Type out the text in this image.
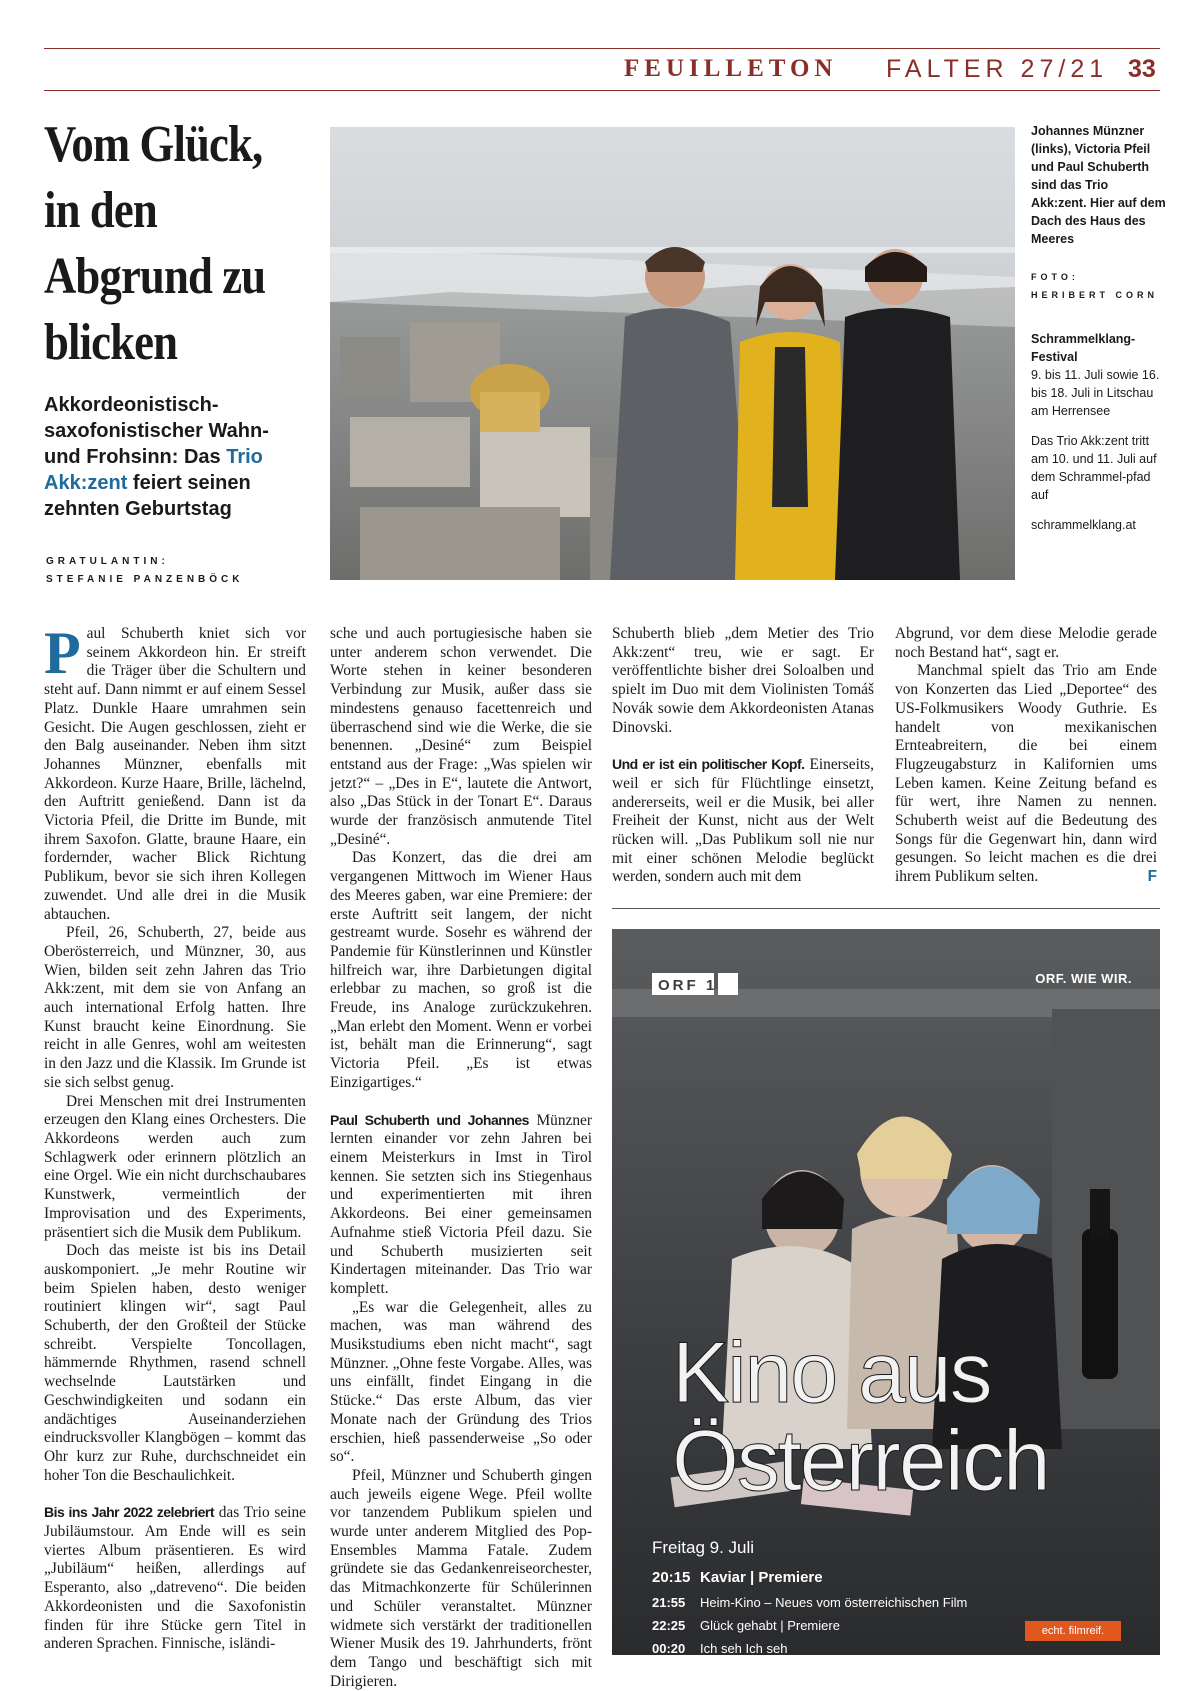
FEUILLETON FALTER 27/21 33
Vom Glück, in den Abgrund zu blicken
Akkordeonistisch-saxofonistischer Wahn- und Frohsinn: Das Trio Akk:zent feiert seinen zehnten Geburtstag
GRATULANTIN:
STEFANIE PANZENBÖCK
Johannes Münzner (links), Victoria Pfeil und Paul Schuberth sind das Trio Akk:zent. Hier auf dem Dach des Haus des Meeres
FOTO:
HERIBERT CORN
Schrammelklang-Festival
9. bis 11. Juli sowie 16. bis 18. Juli in Litschau am Herrensee
Das Trio Akk:zent tritt am 10. und 11. Juli auf dem Schrammel-pfad auf
schrammelklang.at

Paul Schuberth kniet sich vor seinem Akkordeon hin. Er streift die Träger über die Schultern und steht auf. Dann nimmt er auf einem Sessel Platz. Dunkle Haare umrahmen sein Gesicht. Die Augen geschlossen, zieht er den Balg auseinander. Neben ihm sitzt Johannes Münzner, ebenfalls mit Akkordeon. Kurze Haare, Brille, lächelnd, den Auftritt genießend. Dann ist da Victoria Pfeil, die Dritte im Bunde, mit ihrem Saxofon. Glatte, braune Haare, ein fordernder, wacher Blick Richtung Publikum, bevor sie sich ihren Kollegen zuwendet. Und alle drei in die Musik abtauchen.

Pfeil, 26, Schuberth, 27, beide aus Oberösterreich, und Münzner, 30, aus Wien, bilden seit zehn Jahren das Trio Akk:zent, mit dem sie von Anfang an auch international Erfolg hatten. Ihre Kunst braucht keine Einordnung. Sie reicht in alle Genres, wohl am weitesten in den Jazz und die Klassik. Im Grunde ist sie sich selbst genug.

Drei Menschen mit drei Instrumenten erzeugen den Klang eines Orchesters. Die Akkordeons werden auch zum Schlagwerk oder erinnern plötzlich an eine Orgel. Wie ein nicht durchschaubares Kunstwerk, vermeintlich der Improvisation und des Experiments, präsentiert sich die Musik dem Publikum.

Doch das meiste ist bis ins Detail auskomponiert. „Je mehr Routine wir beim Spielen haben, desto weniger routiniert klingen wir“, sagt Paul Schuberth, der den Großteil der Stücke schreibt. Verspielte Toncollagen, hämmernde Rhythmen, rasend schnell wechselnde Lautstärken und Geschwindigkeiten und sodann ein andächtiges Auseinanderziehen eindrucksvoller Klangbögen – kommt das Ohr kurz zur Ruhe, durchschneidet ein hoher Ton die Beschaulichkeit.

Bis ins Jahr 2022 zelebriert das Trio seine Jubiläumstour. Am Ende will es sein viertes Album präsentieren. Es wird „Jubiläum“ heißen, allerdings auf Esperanto, also „datreveno“. Die beiden Akkordeonisten und die Saxofonistin finden für ihre Stücke gern Titel in anderen Sprachen. Finnische, isländi-

sche und auch portugiesische haben sie unter anderem schon verwendet. Die Worte stehen in keiner besonderen Verbindung zur Musik, außer dass sie mindestens genauso facettenreich und überraschend sind wie die Werke, die sie benennen. „Desiné“ zum Beispiel entstand aus der Frage: „Was spielen wir jetzt?“ – „Des in E“, lautete die Antwort, also „Das Stück in der Tonart E“. Daraus wurde der französisch anmutende Titel „Desiné“.

Das Konzert, das die drei am vergangenen Mittwoch im Wiener Haus des Meeres gaben, war eine Premiere: der erste Auftritt seit langem, der nicht gestreamt wurde. Sosehr es während der Pandemie für Künstlerinnen und Künstler hilfreich war, ihre Darbietungen digital erlebbar zu machen, so groß ist die Freude, ins Analoge zurückzukehren. „Man erlebt den Moment. Wenn er vorbei ist, behält man die Erinnerung“, sagt Victoria Pfeil. „Es ist etwas Einzigartiges.“

Paul Schuberth und Johannes Münzner lernten einander vor zehn Jahren bei einem Meisterkurs in Imst in Tirol kennen. Sie setzten sich ins Stiegenhaus und experimentierten mit ihren Akkordeons. Bei einer gemeinsamen Aufnahme stieß Victoria Pfeil dazu. Sie und Schuberth musizierten seit Kindertagen miteinander. Das Trio war komplett.

„Es war die Gelegenheit, alles zu machen, was man während des Musikstudiums eben nicht macht“, sagt Münzner. „Ohne feste Vorgabe. Alles, was uns einfällt, findet Eingang in die Stücke.“ Das erste Album, das vier Monate nach der Gründung des Trios erschien, hieß passenderweise „So oder so“.

Pfeil, Münzner und Schuberth gingen auch jeweils eigene Wege. Pfeil wollte vor tanzendem Publikum spielen und wurde unter anderem Mitglied des Pop-Ensembles Mamma Fatale. Zudem gründete sie das Gedankenreiseorchester, das Mitmachkonzerte für Schülerinnen und Schüler veranstaltet. Münzner widmete sich verstärkt der traditionellen Wiener Musik des 19. Jahrhunderts, frönt dem Tango und beschäftigt sich mit Dirigieren.

Schuberth blieb „dem Metier des Trio Akk:zent“ treu, wie er sagt. Er veröffentlichte bisher drei Soloalben und spielt im Duo mit dem Violinisten Tomáš Novák sowie dem Akkordeonisten Atanas Dinovski.

Und er ist ein politischer Kopf. Einerseits, weil er sich für Flüchtlinge einsetzt, andererseits, weil er die Musik, bei aller Freiheit der Kunst, nicht aus der Welt rücken will. „Das Publikum soll nie nur mit einer schönen Melodie beglückt werden, sondern auch mit dem

Abgrund, vor dem diese Melodie gerade noch Bestand hat“, sagt er.

Manchmal spielt das Trio am Ende von Konzerten das Lied „Deportee“ des US-Folkmusikers Woody Guthrie. Es handelt von mexikanischen Ernteabreitern, die bei einem Flugzeugabsturz in Kalifornien ums Leben kamen. Keine Zeitung befand es für wert, ihre Namen zu nennen. Schuberth weist auf die Bedeutung des Songs für die Gegenwart hin, dann wird gesungen. So leicht machen es die drei ihrem Publikum selten.	F

ORF 1	ORF. WIE WIR.
Kino aus
Österreich
Freitag 9. Juli
20:15 Kaviar | Premiere
21:55 Heim-Kino – Neues vom österreichischen Film
22:25 Glück gehabt | Premiere
00:20 Ich seh Ich seh
echt. filmreif.
